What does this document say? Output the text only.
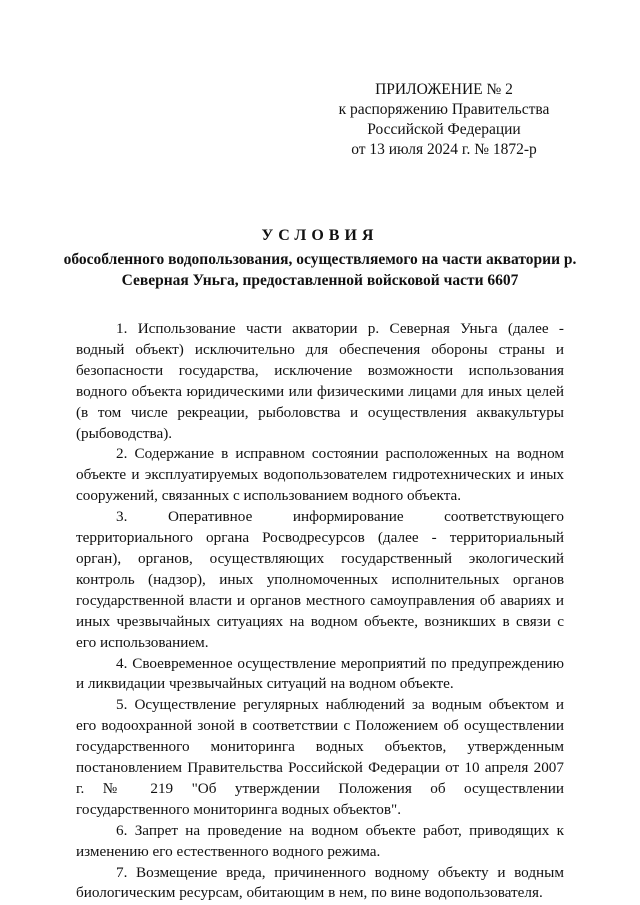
ПРИЛОЖЕНИЕ № 2
к распоряжению Правительства
Российской Федерации
от 13 июля 2024 г. № 1872-р
УСЛОВИЯ
обособленного водопользования, осуществляемого на части акватории р. Северная Уньга, предоставленной войсковой части 6607

1. Использование части акватории р. Северная Уньга (далее - водный объект) исключительно для обеспечения обороны страны и безопасности государства, исключение возможности использования водного объекта юридическими или физическими лицами для иных целей (в том числе рекреации, рыболовства и осуществления аквакультуры (рыбоводства).

2. Содержание в исправном состоянии расположенных на водном объекте и эксплуатируемых водопользователем гидротехнических и иных сооружений, связанных с использованием водного объекта.

3. Оперативное информирование соответствующего территориального органа Росводресурсов (далее - территориальный орган), органов, осуществляющих государственный экологический контроль (надзор), иных уполномоченных исполнительных органов государственной власти и органов местного самоуправления об авариях и иных чрезвычайных ситуациях на водном объекте, возникших в связи с его использованием.

4. Своевременное осуществление мероприятий по предупреждению и ликвидации чрезвычайных ситуаций на водном объекте.

5. Осуществление регулярных наблюдений за водным объектом и его водоохранной зоной в соответствии с Положением об осуществлении государственного мониторинга водных объектов, утвержденным постановлением Правительства Российской Федерации от 10 апреля 2007 г. № 219 "Об утверждении Положения об осуществлении государственного мониторинга водных объектов".

6. Запрет на проведение на водном объекте работ, приводящих к изменению его естественного водного режима.

7. Возмещение вреда, причиненного водному объекту и водным биологическим ресурсам, обитающим в нем, по вине водопользователя.
